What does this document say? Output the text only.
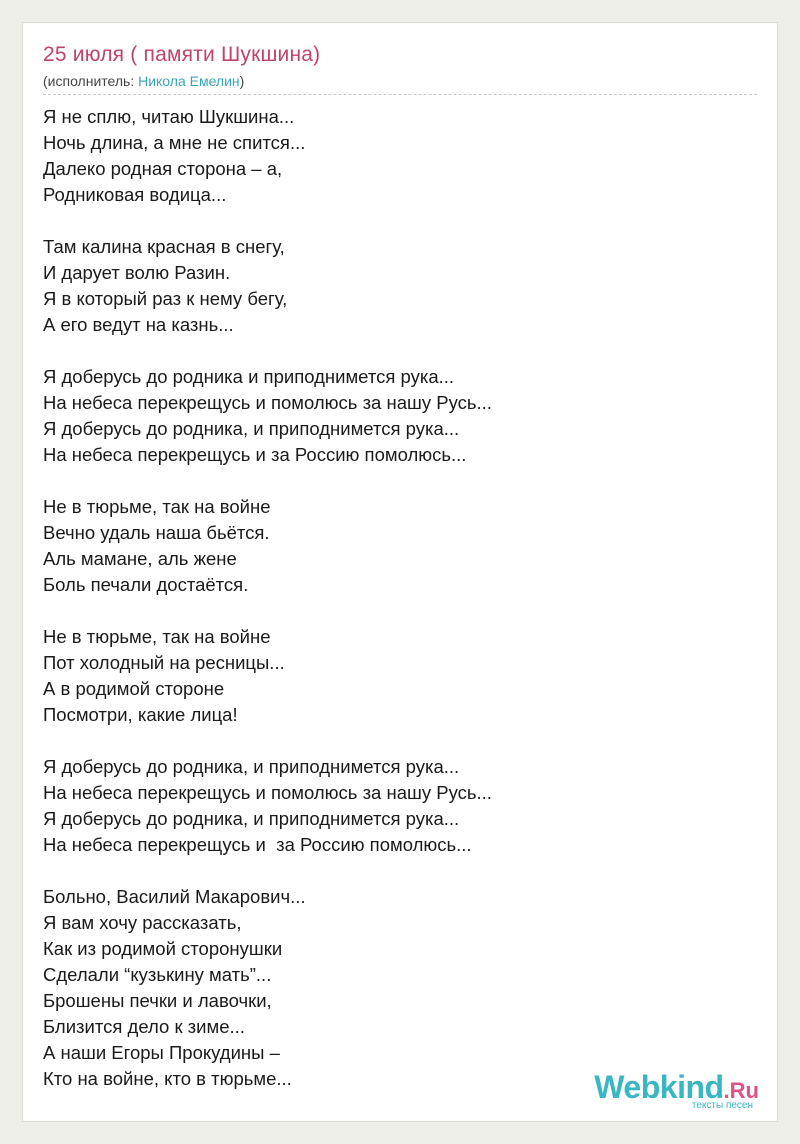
25 июля ( памяти Шукшина)
(исполнитель: Никола Емелин)
Я не сплю, читаю Шукшина...
Ночь длина, а мне не спится...
Далеко родная сторона – а,
Родниковая водица...
Там калина красная в снегу,
И дарует волю Разин.
Я в который раз к нему бегу,
А его ведут на казнь...
Я доберусь до родника и приподнимется рука...
На небеса перекрещусь и помолюсь за нашу Русь...
Я доберусь до родника, и приподнимется рука...
На небеса перекрещусь и за Россию помолюсь...
Не в тюрьме, так на войне
Вечно удаль наша бьётся.
Аль мамане, аль жене
Боль печали достаётся.
Не в тюрьме, так на войне
Пот холодный на ресницы...
А в родимой стороне
Посмотри, какие лица!
Я доберусь до родника, и приподнимется рука...
На небеса перекрещусь и помолюсь за нашу Русь...
Я доберусь до родника, и приподнимется рука...
На небеса перекрещусь и  за Россию помолюсь...
Больно, Василий Макарович...
Я вам хочу рассказать,
Как из родимой сторонушки
Сделали “кузькину мать”...
Брошены печки и лавочки,
Близится дело к зиме...
А наши Егоры Прокудины –
Кто на войне, кто в тюрьме...	Webkind.Ru
тексты песен
